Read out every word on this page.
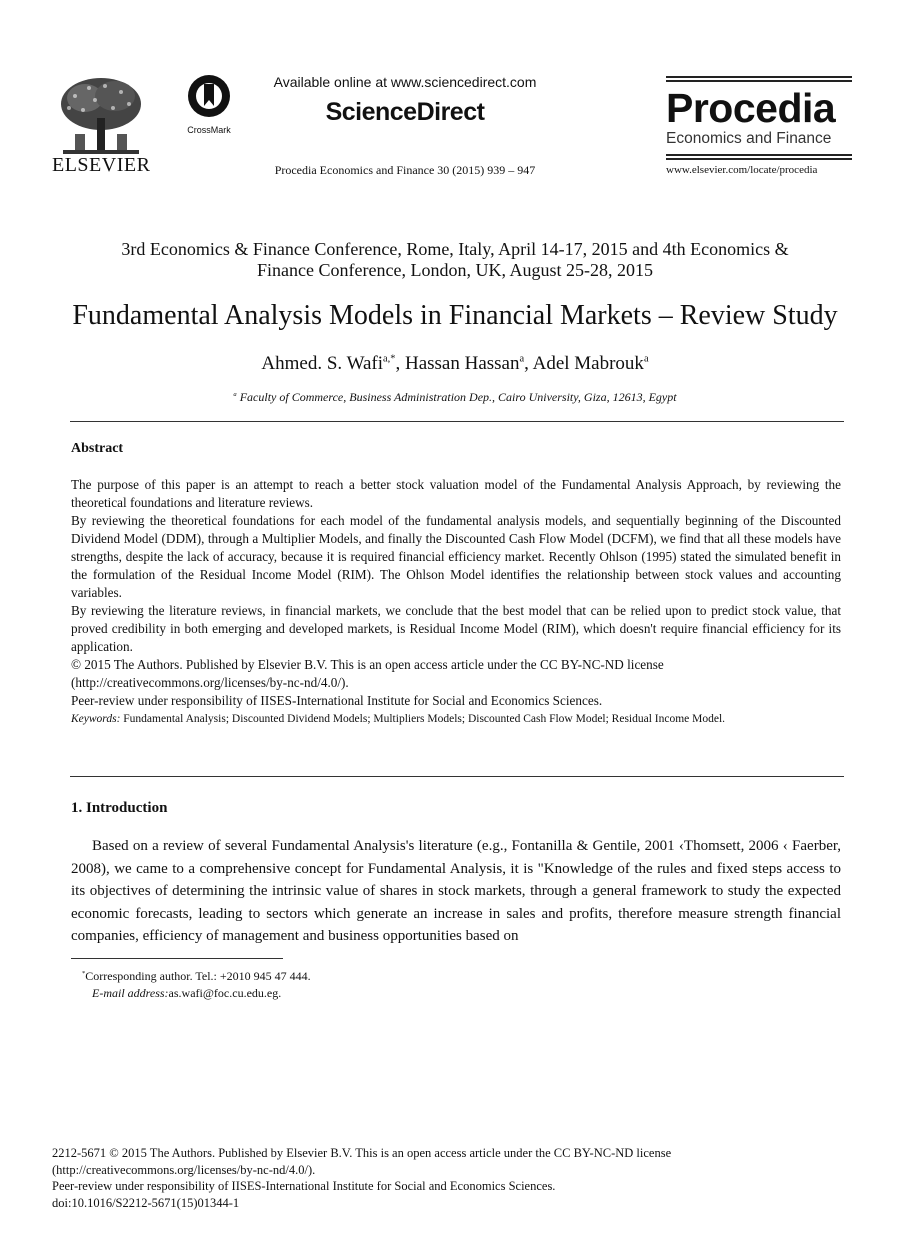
ELSEVIER
CrossMark
Available online at www.sciencedirect.com
ScienceDirect
Procedia Economics and Finance 30 (2015) 939 – 947
Procedia
Economics and Finance
www.elsevier.com/locate/procedia
3rd Economics & Finance Conference, Rome, Italy, April 14-17, 2015 and 4th Economics &
Finance Conference, London, UK, August 25-28, 2015
Fundamental Analysis Models in Financial Markets – Review Study
Ahmed. S. Wafi$^{a,*}$, Hassan Hassan$^a$, Adel Mabrouk$^a$
$^a$ Faculty of Commerce, Business Administration Dep., Cairo University, Giza, 12613, Egypt
Abstract

The purpose of this paper is an attempt to reach a better stock valuation model of the Fundamental Analysis Approach, by reviewing the theoretical foundations and literature reviews.

By reviewing the theoretical foundations for each model of the fundamental analysis models, and sequentially beginning of the Discounted Dividend Model (DDM), through a Multiplier Models, and finally the Discounted Cash Flow Model (DCFM), we find that all these models have strengths, despite the lack of accuracy, because it is required financial efficiency market. Recently Ohlson (1995) stated the simulated benefit in the formulation of the Residual Income Model (RIM). The Ohlson Model identifies the relationship between stock values and accounting variables.

By reviewing the literature reviews, in financial markets, we conclude that the best model that can be relied upon to predict stock value, that proved credibility in both emerging and developed markets, is Residual Income Model (RIM), which doesn't require financial efficiency for its application.

© 2015 The Authors. Published by Elsevier B.V. This is an open access article under the CC BY-NC-ND license

(http://creativecommons.org/licenses/by-nc-nd/4.0/).

Peer-review under responsibility of IISES-International Institute for Social and Economics Sciences.

Keywords: Fundamental Analysis; Discounted Dividend Models; Multipliers Models; Discounted Cash Flow Model; Residual Income Model.
1. Introduction

Based on a review of several Fundamental Analysis's literature (e.g., Fontanilla & Gentile, 2001 ‹Thomsett, 2006 ‹ Faerber, 2008), we came to a comprehensive concept for Fundamental Analysis, it is "Knowledge of the rules and fixed steps access to its objectives of determining the intrinsic value of shares in stock markets, through a general framework to study the expected economic forecasts, leading to sectors which generate an increase in sales and profits, therefore measure strength financial companies, efficiency of management and business opportunities based on

*Corresponding author. Tel.: +2010 945 47 444.
E-mail address:as.wafi@foc.cu.edu.eg.
2212-5671 © 2015 The Authors. Published by Elsevier B.V. This is an open access article under the CC BY-NC-ND license
(http://creativecommons.org/licenses/by-nc-nd/4.0/).
Peer-review under responsibility of IISES-International Institute for Social and Economics Sciences.
doi:10.1016/S2212-5671(15)01344-1
